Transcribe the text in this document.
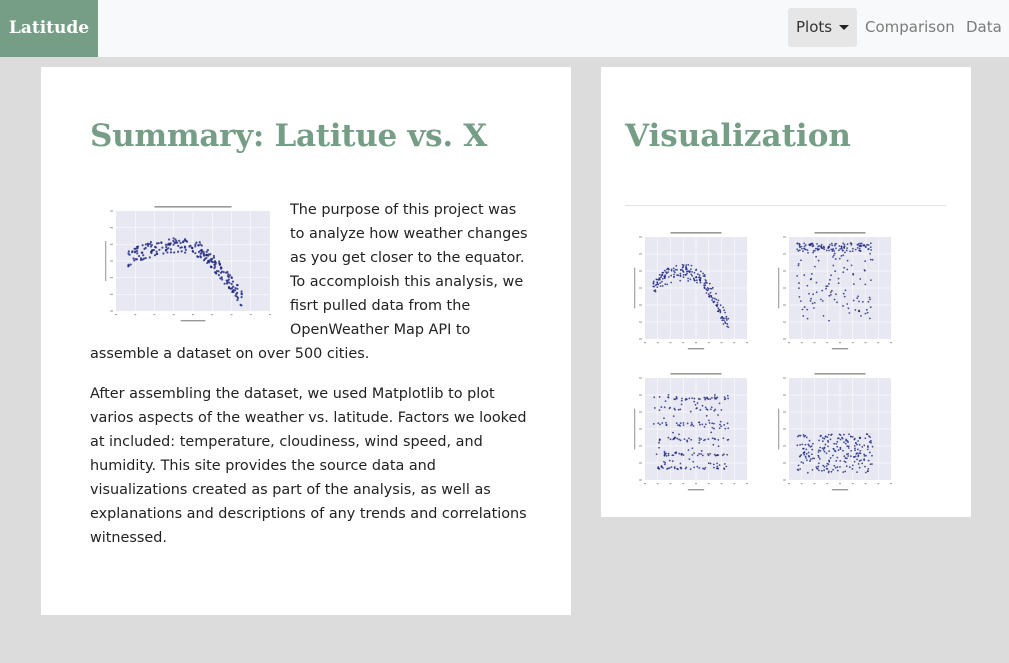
Latitude	Plots	Comparison Data
Summary: Latitue vs. X
The purpose of this project was to analyze how weather changes as you get closer to the equator. To accomploish this analysis, we fisrt pulled data from the OpenWeather Map API to assemble a dataset on over 500 cities.
After assembling the dataset, we used Matplotlib to plot varios aspects of the weather vs. latitude. Factors we looked at included: temperature, cloudiness, wind speed, and humidity. This site provides the source data and visualizations created as part of the analysis, as well as explanations and descriptions of any trends and correlations witnessed.
Visualization
